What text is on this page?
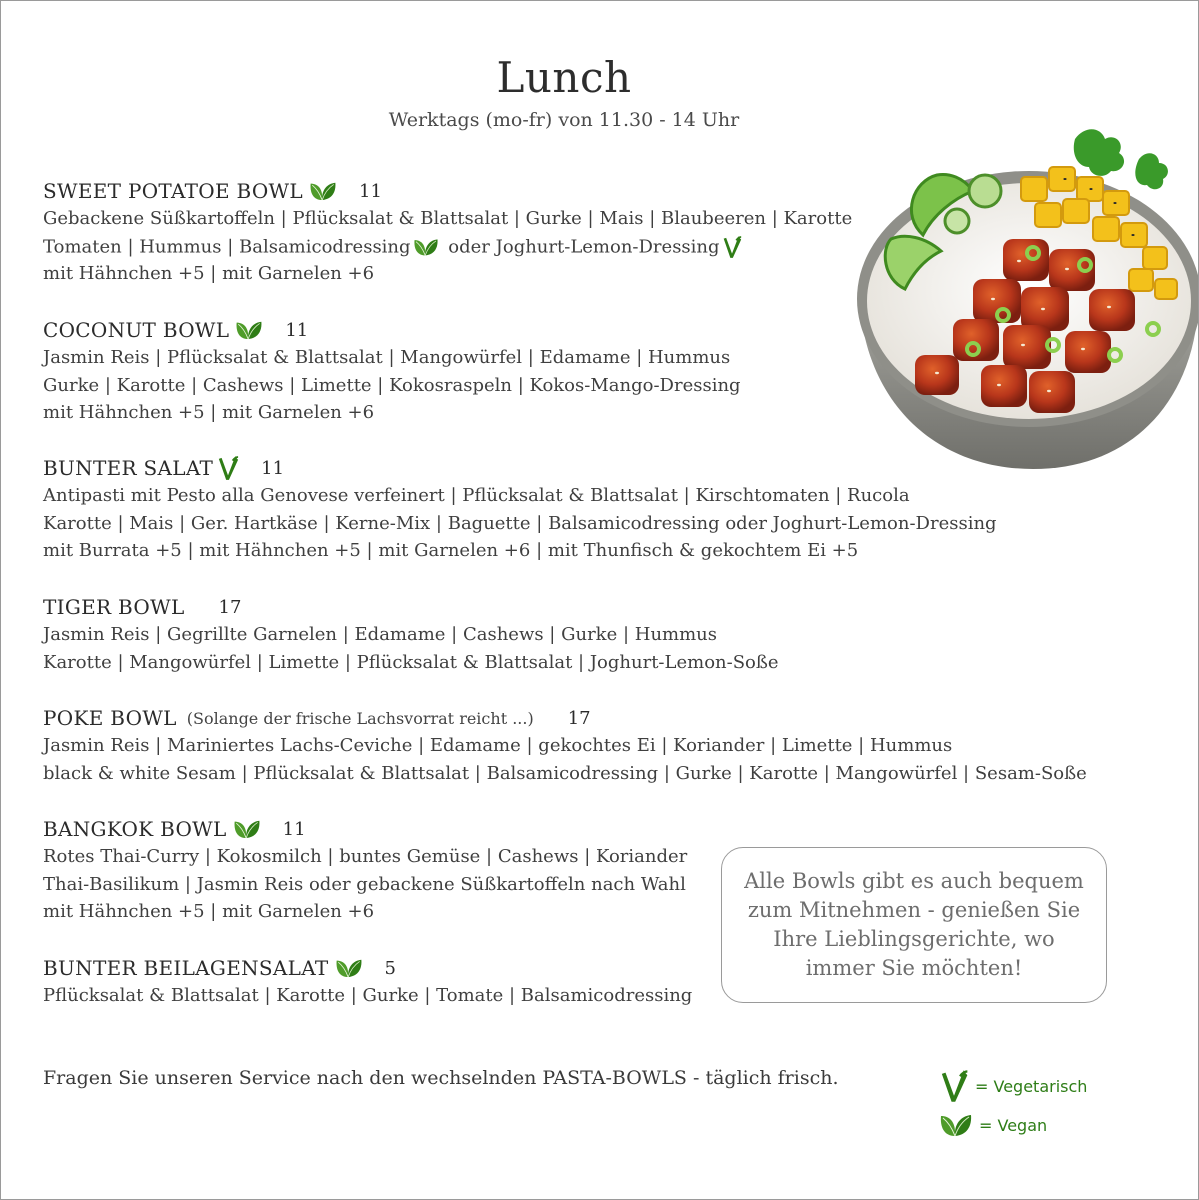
Lunch
Werktags (mo-fr) von 11.30 - 14 Uhr
SWEET POTATOE BOWL	11
Gebackene Süßkartoffeln | Pflücksalat & Blattsalat | Gurke | Mais | Blaubeeren | Karotte
Tomaten | Hummus | Balsamicodressing oder Joghurt-Lemon-Dressing
mit Hähnchen +5 | mit Garnelen +6
COCONUT BOWL	11
Jasmin Reis | Pflücksalat & Blattsalat | Mangowürfel | Edamame | Hummus
Gurke | Karotte | Cashews | Limette | Kokosraspeln | Kokos-Mango-Dressing
mit Hähnchen +5 | mit Garnelen +6
BUNTER SALAT	11
Antipasti mit Pesto alla Genovese verfeinert | Pflücksalat & Blattsalat | Kirschtomaten | Rucola
Karotte | Mais | Ger. Hartkäse | Kerne-Mix | Baguette | Balsamicodressing oder Joghurt-Lemon-Dressing
mit Burrata +5 | mit Hähnchen +5 | mit Garnelen +6 | mit Thunfisch & gekochtem Ei +5
TIGER BOWL 17
Jasmin Reis | Gegrillte Garnelen | Edamame | Cashews | Gurke | Hummus
Karotte | Mangowürfel | Limette | Pflücksalat & Blattsalat | Joghurt-Lemon-Soße
POKE BOWL (Solange der frische Lachsvorrat reicht ...) 17
Jasmin Reis | Mariniertes Lachs-Ceviche | Edamame | gekochtes Ei | Koriander | Limette | Hummus
black & white Sesam | Pflücksalat & Blattsalat | Balsamicodressing | Gurke | Karotte | Mangowürfel | Sesam-Soße
BANGKOK BOWL	11
Rotes Thai-Curry | Kokosmilch | buntes Gemüse | Cashews | Koriander
Thai-Basilikum | Jasmin Reis oder gebackene Süßkartoffeln nach Wahl
mit Hähnchen +5 | mit Garnelen +6
BUNTER BEILAGENSALAT	5
Pflücksalat & Blattsalat | Karotte | Gurke | Tomate | Balsamicodressing
Alle Bowls gibt es auch bequem zum Mitnehmen - genießen Sie Ihre Lieblingsgerichte, wo immer Sie möchten!
Fragen Sie unseren Service nach den wechselnden PASTA-BOWLS - täglich frisch.	= Vegetarisch
= Vegan
